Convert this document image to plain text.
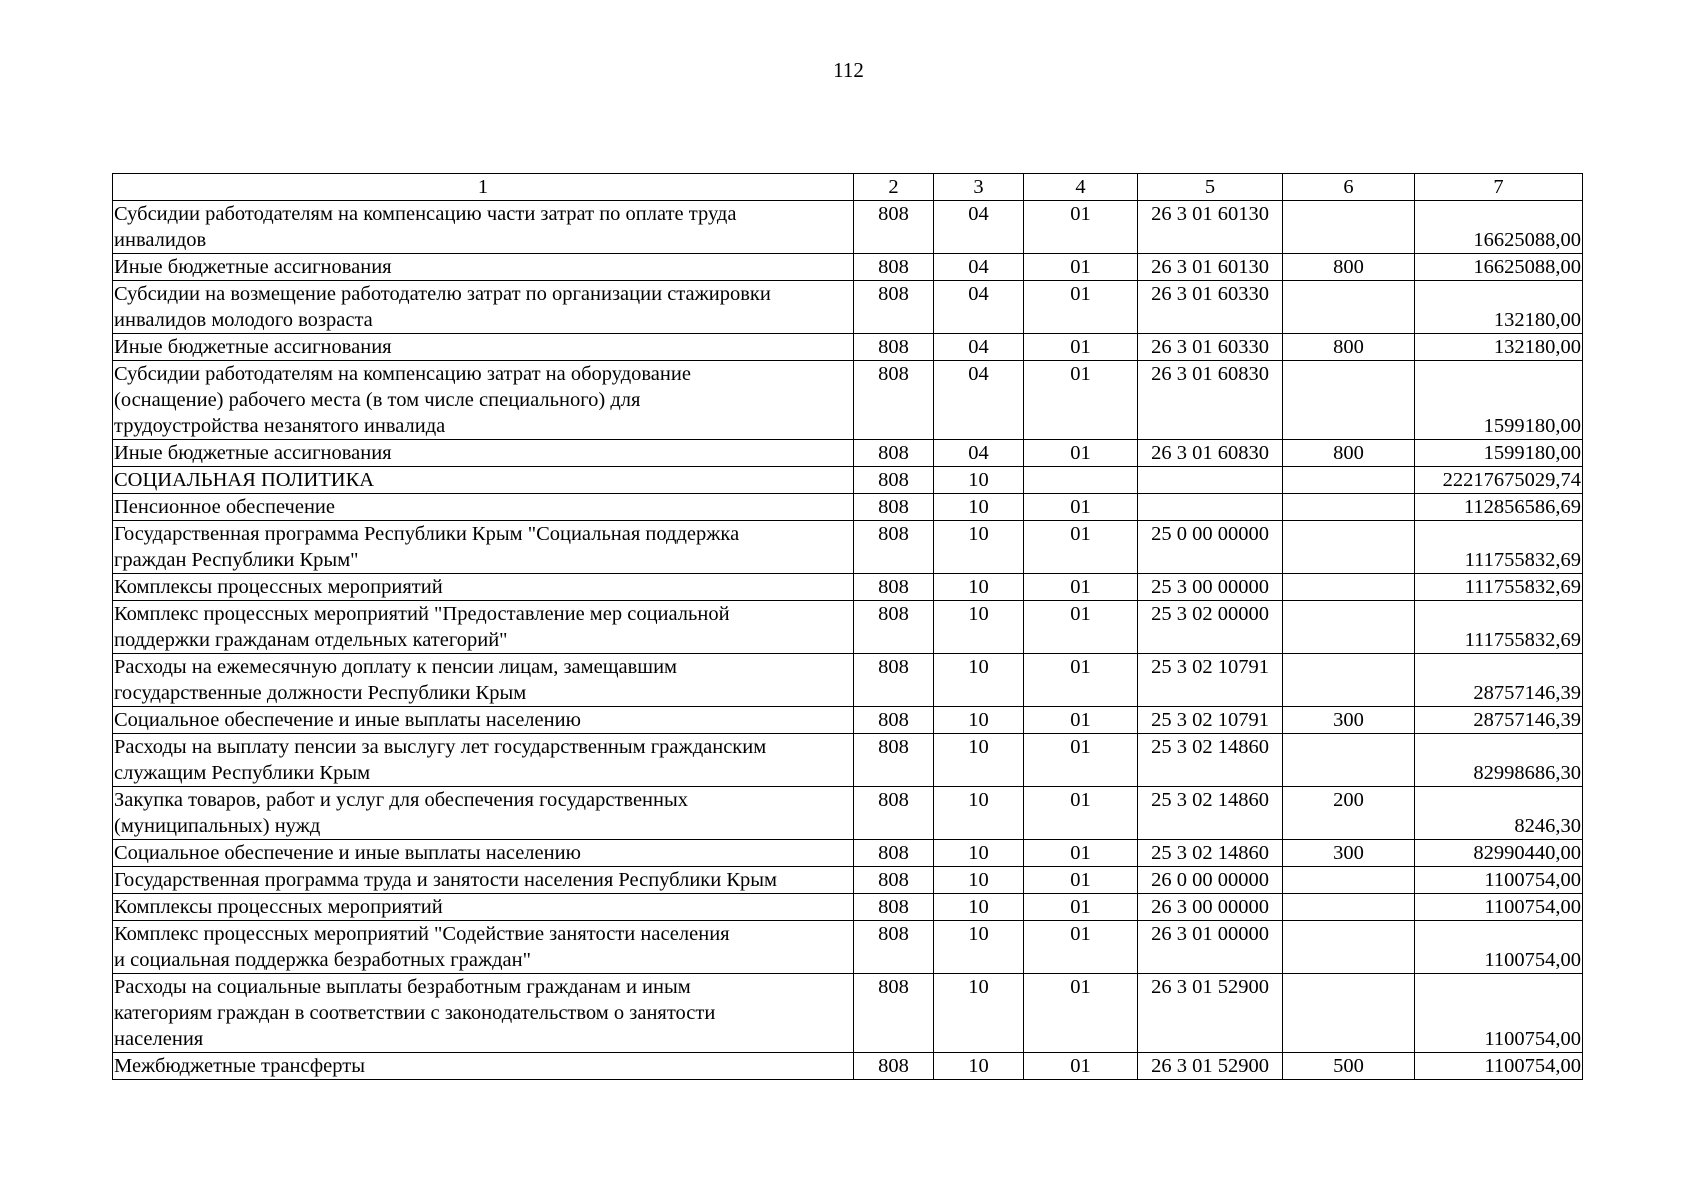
112
1	2	3	4	5	6	7

Субсидии работодателям на компенсацию части затрат по оплате труда
инвалидов	808	04	01	26 3 01 60130		16625088,00

Иные бюджетные ассигнования	808	04	01	26 3 01 60130	800	16625088,00

Субсидии на возмещение работодателю затрат по организации стажировки
инвалидов молодого возраста	808	04	01	26 3 01 60330		132180,00

Иные бюджетные ассигнования	808	04	01	26 3 01 60330	800	132180,00

Субсидии работодателям на компенсацию затрат на оборудование
(оснащение) рабочего места (в том числе специального) для
трудоустройства незанятого инвалида	808	04	01	26 3 01 60830		1599180,00

Иные бюджетные ассигнования	808	04	01	26 3 01 60830	800	1599180,00

СОЦИАЛЬНАЯ ПОЛИТИКА	808	10				22217675029,74

Пенсионное обеспечение	808	10	01			112856586,69

Государственная программа Республики Крым "Социальная поддержка
граждан Республики Крым"	808	10	01	25 0 00 00000		111755832,69

Комплексы процессных мероприятий	808	10	01	25 3 00 00000		111755832,69

Комплекс процессных мероприятий "Предоставление мер социальной
поддержки гражданам отдельных категорий"	808	10	01	25 3 02 00000		111755832,69

Расходы на ежемесячную доплату к пенсии лицам, замещавшим
государственные должности Республики Крым	808	10	01	25 3 02 10791		28757146,39

Социальное обеспечение и иные выплаты населению	808	10	01	25 3 02 10791	300	28757146,39

Расходы на выплату пенсии за выслугу лет государственным гражданским
служащим Республики Крым	808	10	01	25 3 02 14860		82998686,30

Закупка товаров, работ и услуг для обеспечения государственных
(муниципальных) нужд	808	10	01	25 3 02 14860	200	8246,30

Социальное обеспечение и иные выплаты населению	808	10	01	25 3 02 14860	300	82990440,00

Государственная программа труда и занятости населения Республики Крым	808	10	01	26 0 00 00000		1100754,00

Комплексы процессных мероприятий	808	10	01	26 3 00 00000		1100754,00

Комплекс процессных мероприятий "Содействие занятости населения
и социальная поддержка безработных граждан"	808	10	01	26 3 01 00000		1100754,00

Расходы на социальные выплаты безработным гражданам и иным
категориям граждан в соответствии с законодательством о занятости
населения	808	10	01	26 3 01 52900		1100754,00

Межбюджетные трансферты	808	10	01	26 3 01 52900	500	1100754,00
